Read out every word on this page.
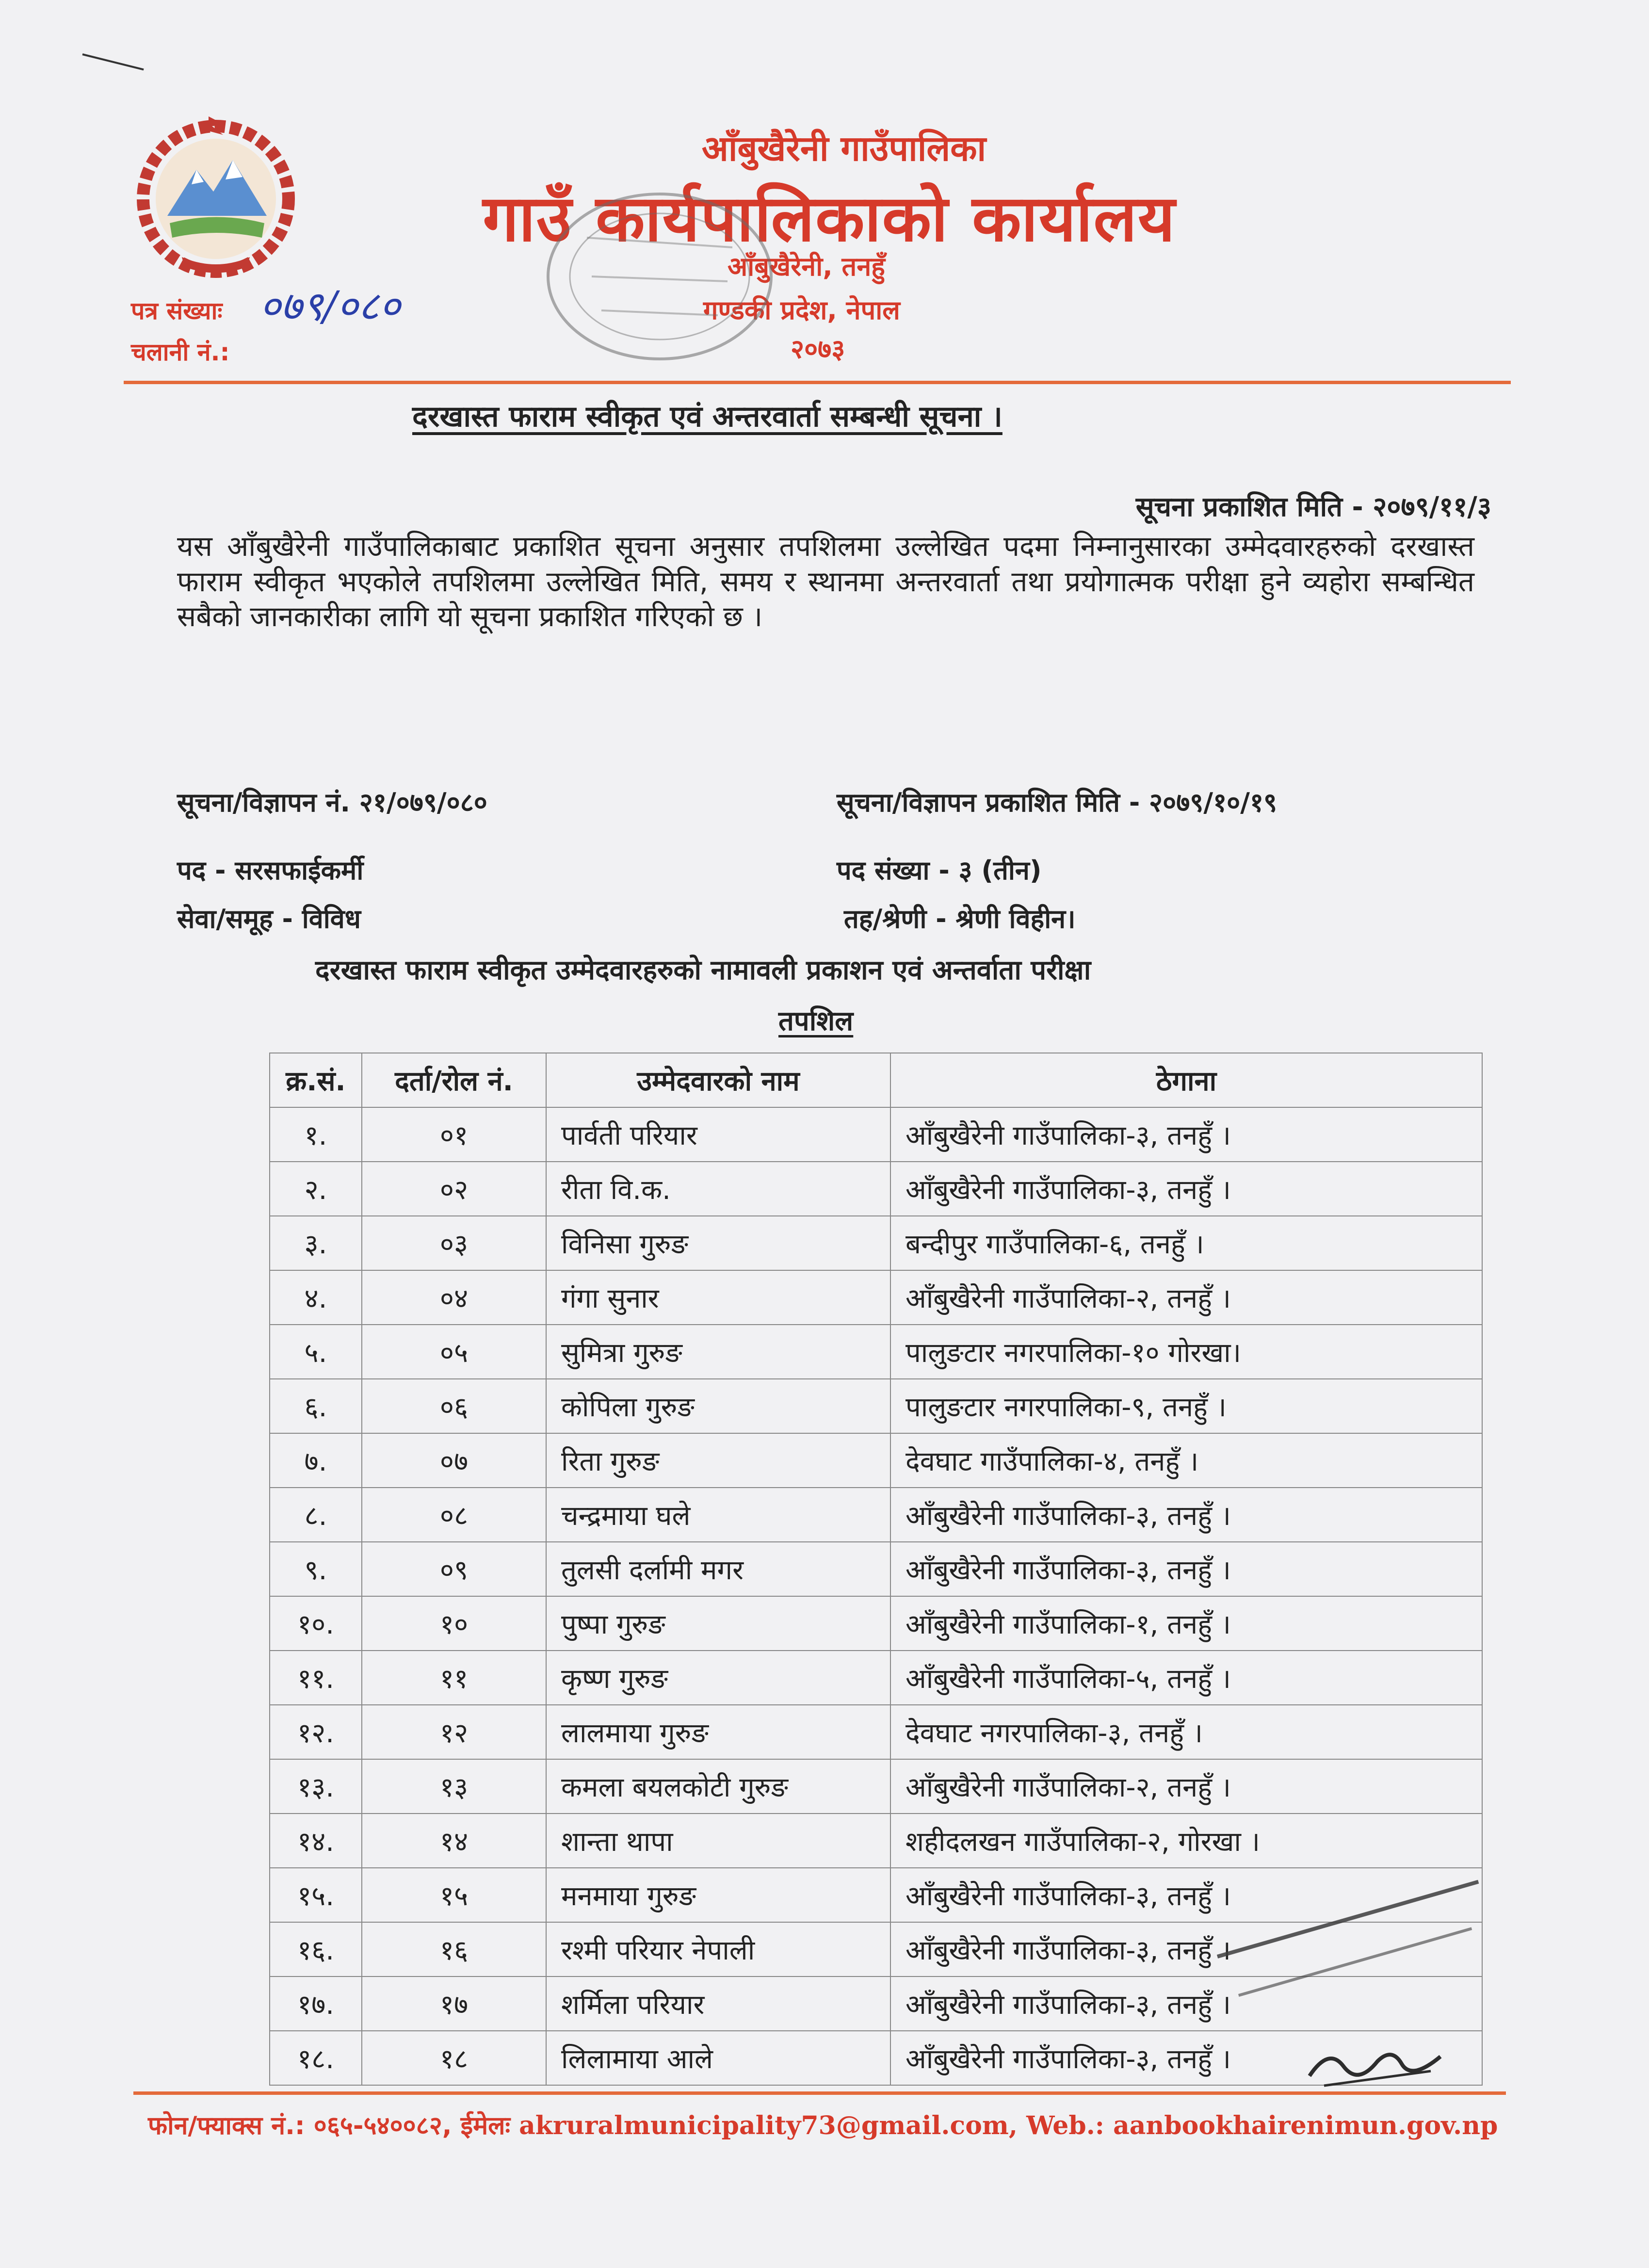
आँबुखैरेनी गाउँपालिका
गाउँ कार्यपालिकाको कार्यालय
आँबुखैरेनी, तनहुँ
गण्डकी प्रदेश, नेपाल
२०७३
पत्र संख्याः ०७९/०८०
चलानी नं.:
दरखास्त फाराम स्वीकृत एवं अन्तरवार्ता सम्बन्धी सूचना ।
सूचना प्रकाशित मिति - २०७९/११/३
यस आँबुखैरेनी गाउँपालिकाबाट प्रकाशित सूचना अनुसार तपशिलमा उल्लेखित पदमा निम्नानुसारका उम्मेदवारहरुको दरखास्त फाराम स्वीकृत भएकोले तपशिलमा उल्लेखित मिति, समय र स्थानमा अन्तरवार्ता तथा प्रयोगात्मक परीक्षा हुने व्यहोरा सम्बन्धित सबैको जानकारीका लागि यो सूचना प्रकाशित गरिएको छ ।
सूचना/विज्ञापन नं. २१/०७९/०८०	सूचना/विज्ञापन प्रकाशित मिति - २०७९/१०/१९
पद - सरसफाईकर्मी	पद संख्या - ३ (तीन)
सेवा/समूह - विविध	तह/श्रेणी - श्रेणी विहीन।
दरखास्त फाराम स्वीकृत उम्मेदवारहरुको नामावली प्रकाशन एवं अन्तर्वाता परीक्षा
तपशिल
क्र.सं.	दर्ता/रोल नं.	उम्मेदवारको नाम	ठेगाना
१.	०१	पार्वती परियार	आँबुखैरेनी गाउँपालिका-३, तनहुँ ।
२.	०२	रीता वि.क.	आँबुखैरेनी गाउँपालिका-३, तनहुँ ।
३.	०३	विनिसा गुरुङ	बन्दीपुर गाउँपालिका-६, तनहुँ ।
४.	०४	गंगा सुनार	आँबुखैरेनी गाउँपालिका-२, तनहुँ ।
५.	०५	सुमित्रा गुरुङ	पालुङटार नगरपालिका-१० गोरखा।
६.	०६	कोपिला गुरुङ	पालुङटार नगरपालिका-९, तनहुँ ।
७.	०७	रिता गुरुङ	देवघाट गाउँपालिका-४, तनहुँ ।
८.	०८	चन्द्रमाया घले	आँबुखैरेनी गाउँपालिका-३, तनहुँ ।
९.	०९	तुलसी दर्लामी मगर	आँबुखैरेनी गाउँपालिका-३, तनहुँ ।
१०.	१०	पुष्पा गुरुङ	आँबुखैरेनी गाउँपालिका-१, तनहुँ ।
११.	११	कृष्ण गुरुङ	आँबुखैरेनी गाउँपालिका-५, तनहुँ ।
१२.	१२	लालमाया गुरुङ	देवघाट नगरपालिका-३, तनहुँ ।
१३.	१३	कमला बयलकोटी गुरुङ	आँबुखैरेनी गाउँपालिका-२, तनहुँ ।
१४.	१४	शान्ता थापा	शहीदलखन गाउँपालिका-२, गोरखा ।
१५.	१५	मनमाया गुरुङ	आँबुखैरेनी गाउँपालिका-३, तनहुँ ।
१६.	१६	रश्मी परियार नेपाली	आँबुखैरेनी गाउँपालिका-३, तनहुँ ।
१७.	१७	शर्मिला परियार	आँबुखैरेनी गाउँपालिका-३, तनहुँ ।
१८.	१८	लिलामाया आले	आँबुखैरेनी गाउँपालिका-३, तनहुँ ।
फोन/फ्याक्स नं.: ०६५-५४००८२, ईमेलः akruralmunicipality73@gmail.com, Web.: aanbookhairenimun.gov.np
